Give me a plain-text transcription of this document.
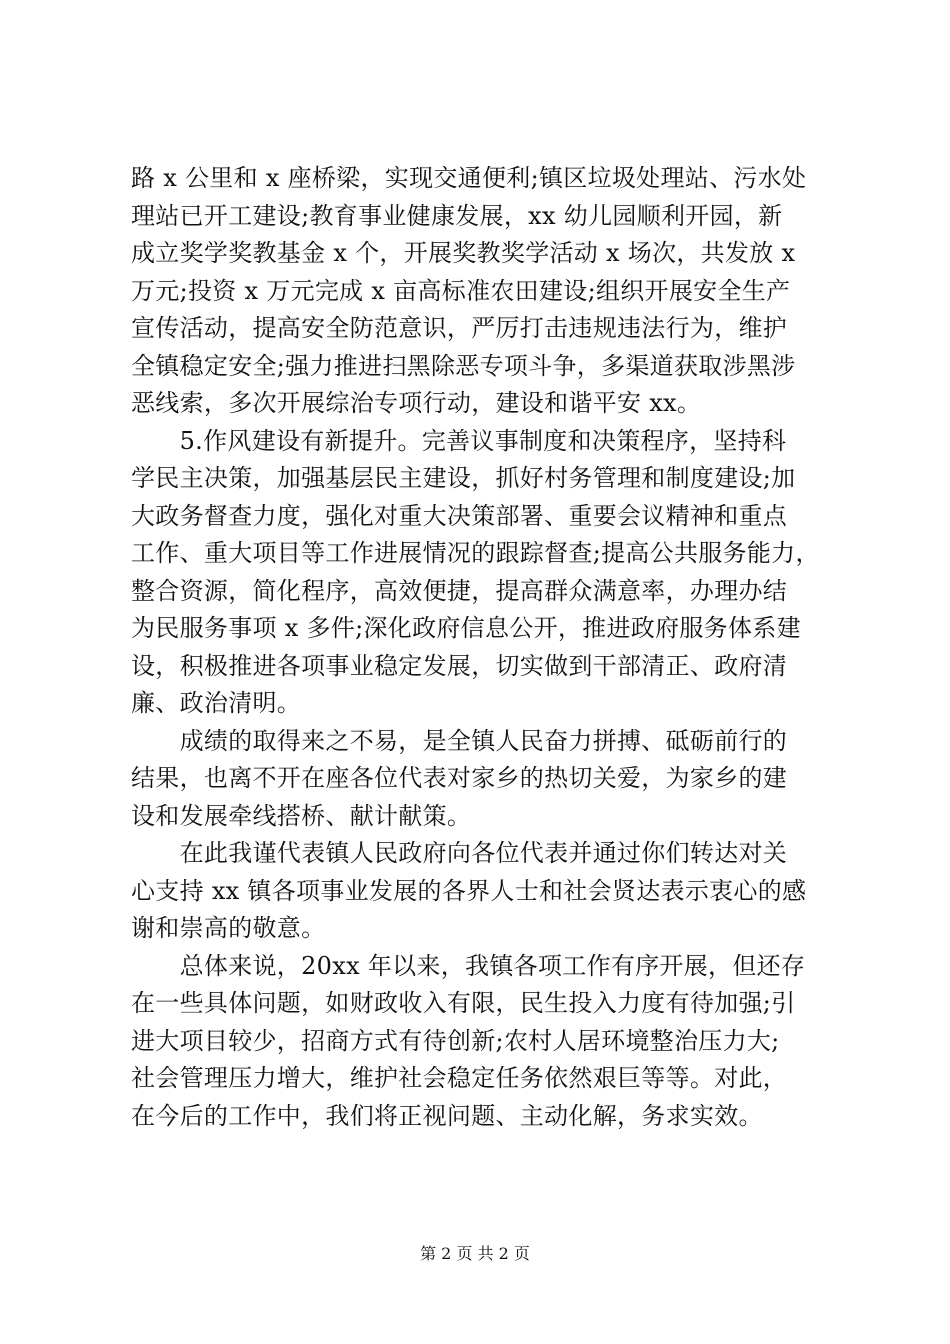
路 x 公里和 x 座桥梁，实现交通便利;镇区垃圾处理站、污水处
理站已开工建设;教育事业健康发展，xx 幼儿园顺利开园，新
成立奖学奖教基金 x 个，开展奖教奖学活动 x 场次，共发放 x
万元;投资 x 万元完成 x 亩高标准农田建设;组织开展安全生产
宣传活动，提高安全防范意识，严厉打击违规违法行为，维护
全镇稳定安全;强力推进扫黑除恶专项斗争，多渠道获取涉黑涉
恶线索，多次开展综治专项行动，建设和谐平安 xx。
　　5.作风建设有新提升。完善议事制度和决策程序，坚持科
学民主决策，加强基层民主建设，抓好村务管理和制度建设;加
大政务督查力度，强化对重大决策部署、重要会议精神和重点
工作、重大项目等工作进展情况的跟踪督查;提高公共服务能力，
整合资源，简化程序，高效便捷，提高群众满意率，办理办结
为民服务事项 x 多件;深化政府信息公开，推进政府服务体系建
设，积极推进各项事业稳定发展，切实做到干部清正、政府清
廉、政治清明。
　　成绩的取得来之不易，是全镇人民奋力拼搏、砥砺前行的
结果，也离不开在座各位代表对家乡的热切关爱，为家乡的建
设和发展牵线搭桥、献计献策。
　　在此我谨代表镇人民政府向各位代表并通过你们转达对关
心支持 xx 镇各项事业发展的各界人士和社会贤达表示衷心的感
谢和崇高的敬意。
　　总体来说，20xx 年以来，我镇各项工作有序开展，但还存
在一些具体问题，如财政收入有限，民生投入力度有待加强;引
进大项目较少，招商方式有待创新;农村人居环境整治压力大;
社会管理压力增大，维护社会稳定任务依然艰巨等等。对此，
在今后的工作中，我们将正视问题、主动化解，务求实效。
第 2 页 共 2 页
